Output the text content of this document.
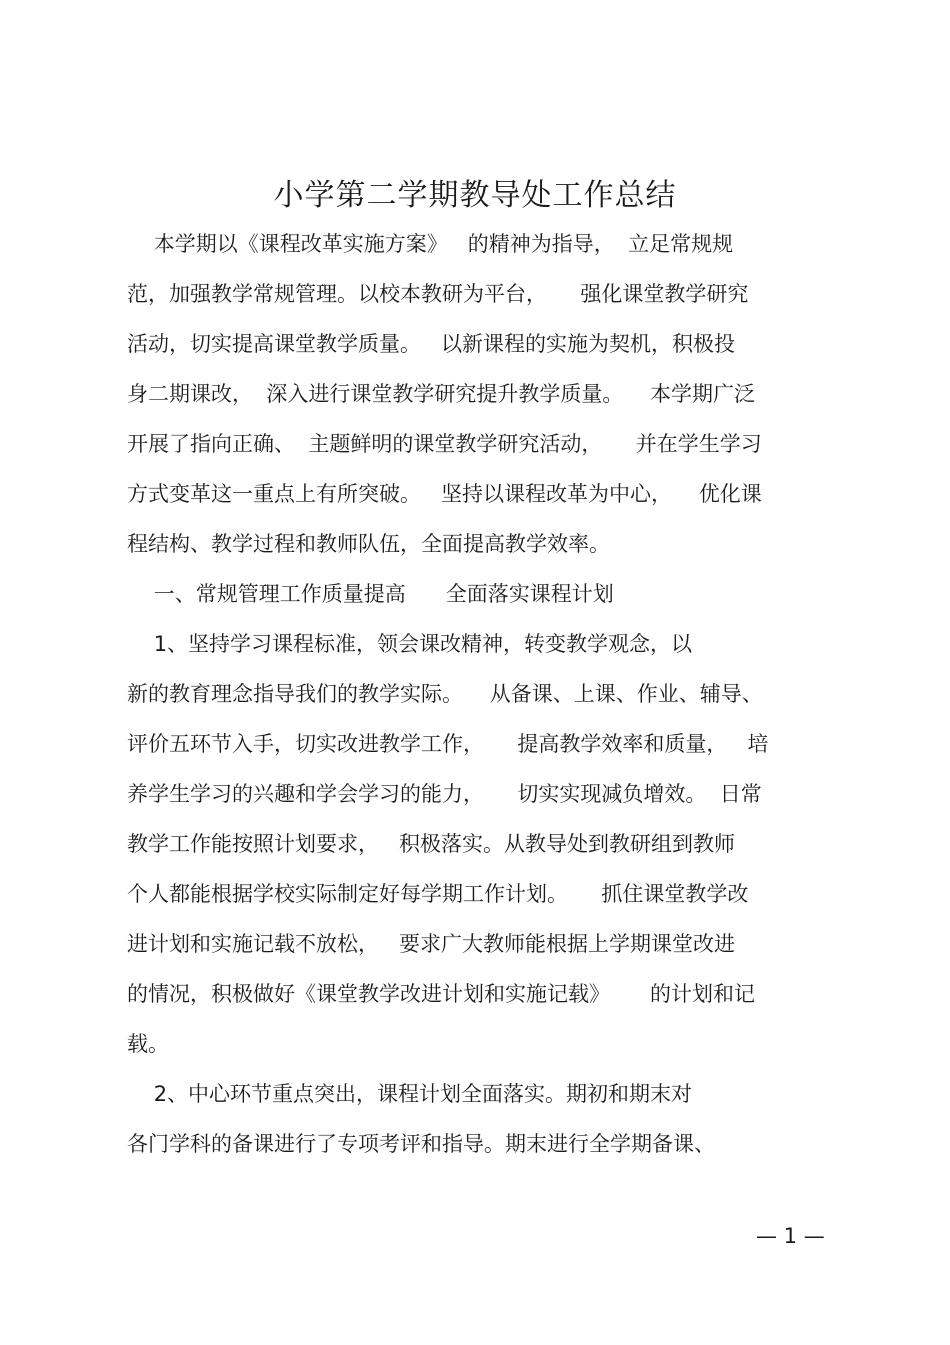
小学第二学期教导处工作总结
本学期以《课程改革实施方案》   的精神为指导，  立足常规规
范，加强教学常规管理。以校本教研为平台，     强化课堂教学研究
活动，切实提高课堂教学质量。   以新课程的实施为契机，积极投
身二期课改，  深入进行课堂教学研究提升教学质量。    本学期广泛
开展了指向正确、  主题鲜明的课堂教学研究活动，     并在学生学习
方式变革这一重点上有所突破。   坚持以课程改革为中心，    优化课
程结构、教学过程和教师队伍，全面提高教学效率。
一、常规管理工作质量提高      全面落实课程计划
1、坚持学习课程标准，领会课改精神，转变教学观念，以
新的教育理念指导我们的教学实际。    从备课、上课、作业、辅导、
评价五环节入手，切实改进教学工作，     提高教学效率和质量，   培
养学生学习的兴趣和学会学习的能力，     切实实现减负增效。  日常
教学工作能按照计划要求，   积极落实。从教导处到教研组到教师
个人都能根据学校实际制定好每学期工作计划。     抓住课堂教学改
进计划和实施记载不放松，   要求广大教师能根据上学期课堂改进
的情况，积极做好《课堂教学改进计划和实施记载》      的计划和记
载。
2、中心环节重点突出，课程计划全面落实。期初和期末对
各门学科的备课进行了专项考评和指导。期末进行全学期备课、
— 1 —
